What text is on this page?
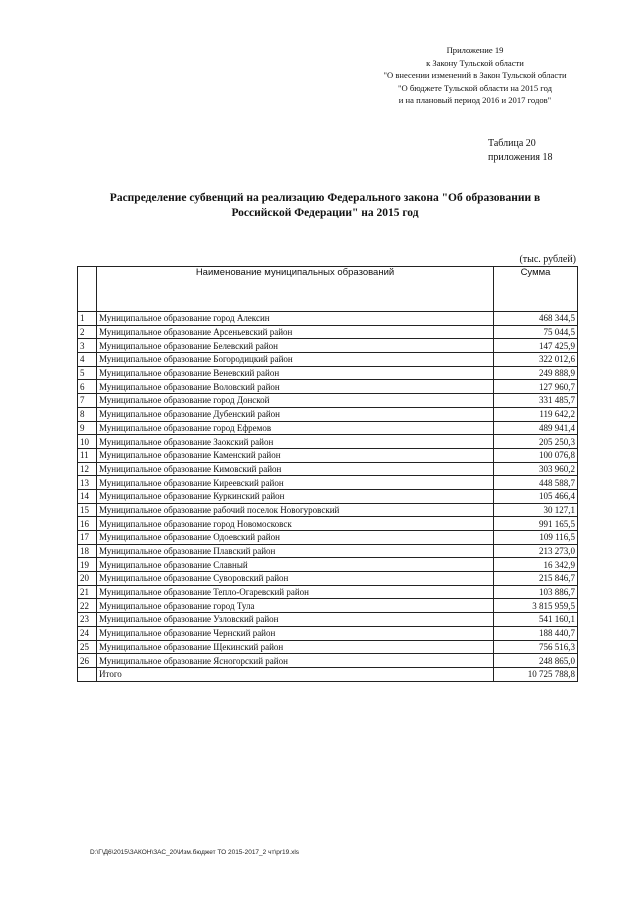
Приложение 19
к Закону Тульской области
"О внесении изменений в Закон Тульской области
"О бюджете Тульской области на 2015 год
и на плановый период 2016 и 2017 годов"
Таблица 20
приложения 18
Распределение субвенций на реализацию Федерального закона "Об образовании в
Российской Федерации" на 2015 год
(тыс. рублей)
	Наименование муниципальных образований	Сумма
1	Муниципальное образование город Алексин	468 344,5
2	Муниципальное образование Арсеньевский район	75 044,5
3	Муниципальное образование Белевский район	147 425,9
4	Муниципальное образование Богородицкий район	322 012,6
5	Муниципальное образование Веневский район	249 888,9
6	Муниципальное образование Воловский район	127 960,7
7	Муниципальное образование город Донской	331 485,7
8	Муниципальное образование Дубенский район	119 642,2
9	Муниципальное образование город Ефремов	489 941,4
10	Муниципальное образование Заокский район	205 250,3
11	Муниципальное образование Каменский район	100 076,8
12	Муниципальное образование Кимовский район	303 960,2
13	Муниципальное образование Киреевский район	448 588,7
14	Муниципальное образование Куркинский район	105 466,4
15	Муниципальное образование рабочий поселок Новогуровский	30 127,1
16	Муниципальное образование город Новомосковск	991 165,5
17	Муниципальное образование Одоевский район	109 116,5
18	Муниципальное образование Плавский район	213 273,0
19	Муниципальное образование Славный	16 342,9
20	Муниципальное образование Суворовский район	215 846,7
21	Муниципальное образование Тепло-Огаревский район	103 886,7
22	Муниципальное образование город Тула	3 815 959,5
23	Муниципальное образование Узловский район	541 160,1
24	Муниципальное образование Чернский район	188 440,7
25	Муниципальное образование Щекинский район	756 516,3
26	Муниципальное образование Ясногорский район	248 865,0
	Итого	10 725 788,8
D:\Г\Д6\2015\ЗАКОН\ЗАС_20\Изм.бюджет ТО 2015-2017_2 чт\pr19.xls
